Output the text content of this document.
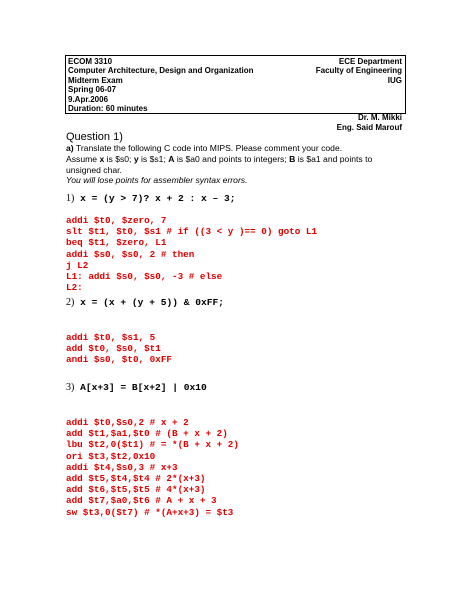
ECOM 3310
Computer Architecture, Design and Organization
Midterm Exam
Spring 06-07
9.Apr.2006
Duration: 60 minutes
ECE Department
Faculty of Engineering
IUG
Dr. M. Mikki
Eng. Said Marouf
Question 1)
a) Translate the following C code into MIPS. Please comment your code.
Assume x is $s0; y is $s1; A is $a0 and points to integers; B is $a1 and points to
unsigned char.
You will lose points for assembler syntax errors.
1) x = (y > 7)? x + 2 : x – 3;
addi $t0, $zero, 7
slt $t1, $t0, $s1 # if ((3 < y )== 0) goto L1
beq $t1, $zero, L1
addi $s0, $s0, 2 # then
j L2
L1: addi $s0, $s0, -3 # else
L2:
2) x = (x + (y + 5)) & 0xFF;
addi $t0, $s1, 5
add $t0, $s0, $t1
andi $s0, $t0, 0xFF
3) A[x+3] = B[x+2] | 0x10
addi $t0,$s0,2 # x + 2
add $t1,$a1,$t0 # (B + x + 2)
lbu $t2,0($t1) # = *(B + x + 2)
ori $t3,$t2,0x10
addi $t4,$s0,3 # x+3
add $t5,$t4,$t4 # 2*(x+3)
add $t6,$t5,$t5 # 4*(x+3)
add $t7,$a0,$t6 # A + x + 3
sw $t3,0($t7) # *(A+x+3) = $t3
